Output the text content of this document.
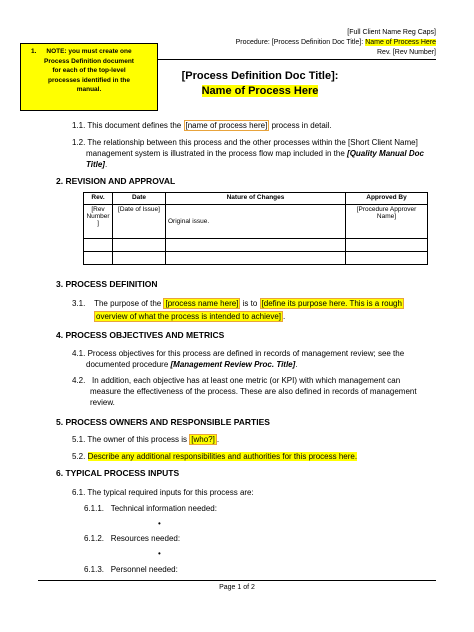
[Full Client Name Reg Caps]
Procedure: [Process Definition Doc Title]: Name of Process Here
Rev. [Rev Number]
1.	NOTE: you must create one
Process Definition document
for each of the top-level
processes identified in the
manual.
[Process Definition Doc Title]:
Name of Process Here
1.1. This document defines the [name of process here] process in detail.
1.2. The relationship between this process and the other processes within the [Short Client Name]
management system is illustrated in the process flow map included in the [Quality Manual Doc
Title].
2. REVISION AND APPROVAL
Rev.	Date	Nature of Changes	Approved By
[Rev Number ]	[Date of Issue]	Original issue.	[Procedure Approver Name]

3. PROCESS DEFINITION
3.1. The purpose of the [process name here] is to [define its purpose here. This is a rough
overview of what the process is intended to achieve] .
4. PROCESS OBJECTIVES AND METRICS
4.1. Process objectives for this process are defined in records of management review; see the
documented procedure [Management Review Proc. Title].
4.2. In addition, each objective has at least one metric (or KPI) with which management can
measure the effectiveness of the process. These are also defined in records of management
review.
5. PROCESS OWNERS AND RESPONSIBLE PARTIES
5.1. The owner of this process is [who?] .
5.2. Describe any additional responsibilities and authorities for this process here.
6. TYPICAL PROCESS INPUTS
6.1. The typical required inputs for this process are:
6.1.1. Technical information needed:
•
6.1.2. Resources needed:
•
6.1.3. Personnel needed:
Page 1 of 2
